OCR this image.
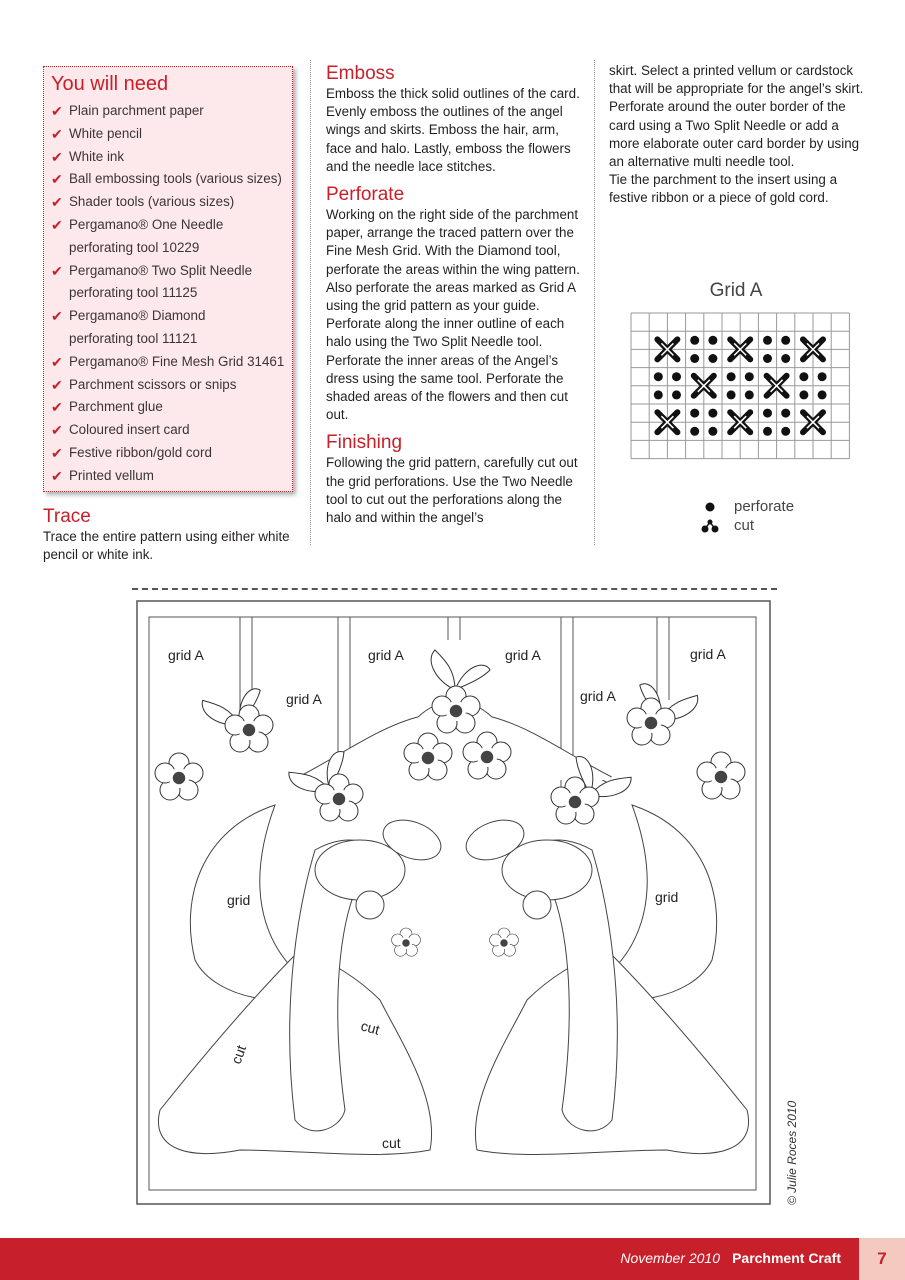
You will need

✔ Plain parchment paper
✔ White pencil
✔ White ink
✔ Ball embossing tools (various sizes)
✔ Shader tools (various sizes)
✔ Pergamano® One Needle
perforating tool 10229
✔ Pergamano® Two Split Needle
perforating tool 11125
✔ Pergamano® Diamond
perforating tool 11121
✔ Pergamano® Fine Mesh Grid 31461
✔ Parchment scissors or snips
✔ Parchment glue
✔ Coloured insert card
✔ Festive ribbon/gold cord
✔ Printed vellum

Trace

Trace the entire pattern using either white pencil or white ink.

Emboss

Emboss the thick solid outlines of the card. Evenly emboss the outlines of the angel wings and skirts. Emboss the hair, arm, face and halo. Lastly, emboss the flowers and the needle lace stitches.

Perforate

Working on the right side of the parchment paper, arrange the traced pattern over the Fine Mesh Grid. With the Diamond tool, perforate the areas within the wing pattern. Also perforate the areas marked as Grid A using the grid pattern as your guide. Perforate along the inner outline of each halo using the Two Split Needle tool. Perforate the inner areas of the Angel’s dress using the same tool. Perforate the shaded areas of the flowers and then cut out.

Finishing

Following the grid pattern, carefully cut out the grid perforations. Use the Two Needle tool to cut out the perforations along the halo and within the angel’s

skirt. Select a printed vellum or cardstock that will be appropriate for the angel’s skirt. Perforate around the outer border of the card using a Two Split Needle or add a more elaborate outer card border by using an alternative multi needle tool.

Tie the parchment to the insert using a festive ribbon or a piece of gold cord.

Grid A
perforate
cut
grid A
grid A
grid A	grid A
grid A
grid A
grid	grid
cut
cut
cut	© Julie Roces 2010
November 2010 Parchment Craft	7
